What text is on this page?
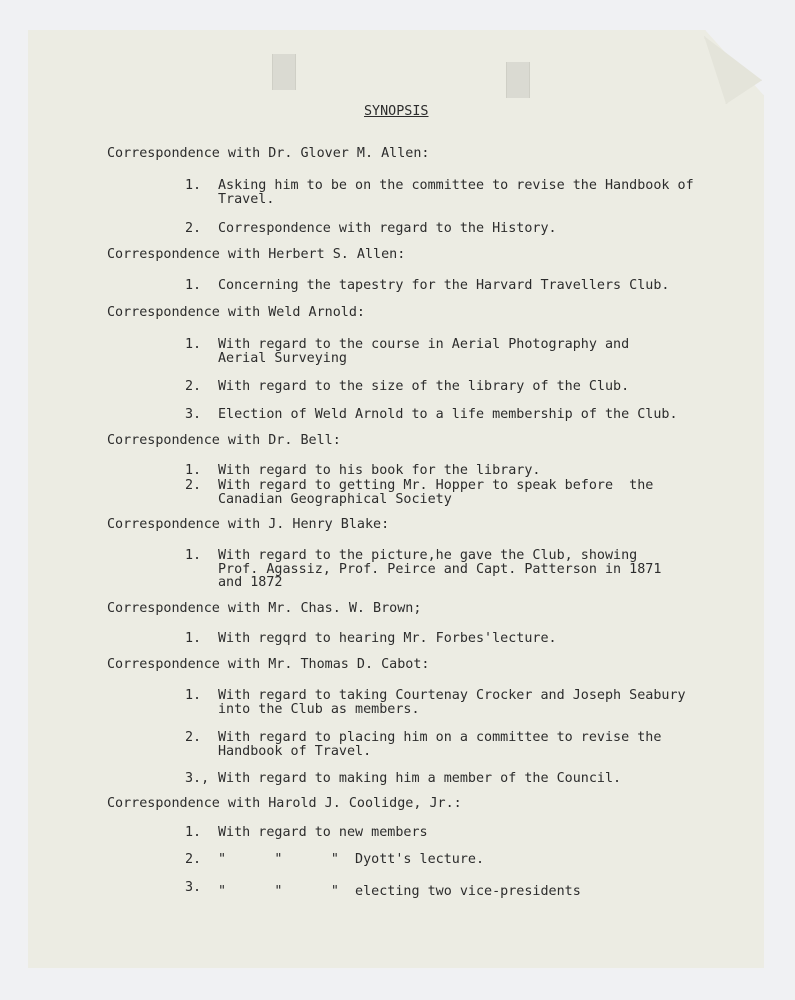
SYNOPSIS

Correspondence with Dr. Glover M. Allen:

1. Asking him to be on the committee to revise the Handbook of
Travel.

2. Correspondence with regard to the History.

Correspondence with Herbert S. Allen:

1. Concerning the tapestry for the Harvard Travellers Club.

Correspondence with Weld Arnold:

1. With regard to the course in Aerial Photography and
Aerial Surveying

2. With regard to the size of the library of the Club.

3. Election of Weld Arnold to a life membership of the Club.

Correspondence with Dr. Bell:

1. With regard to his book for the library.

2. With regard to getting Mr. Hopper to speak before  the
Canadian Geographical Society

Correspondence with J. Henry Blake:

1. With regard to the picture,he gave the Club, showing
Prof. Agassiz, Prof. Peirce and Capt. Patterson in 1871
and 1872

Correspondence with Mr. Chas. W. Brown;

1. With regqrd to hearing Mr. Forbes'lecture.

Correspondence with Mr. Thomas D. Cabot:

1. With regard to taking Courtenay Crocker and Joseph Seabury
into the Club as members.

2. With regard to placing him on a committee to revise the
Handbook of Travel.

3., With regard to making him a member of the Council.

Correspondence with Harold J. Coolidge, Jr.:

1. With regard to new members

2. "      "      "  Dyott's lecture.

3. "      "      "  electing two vice-presidents
